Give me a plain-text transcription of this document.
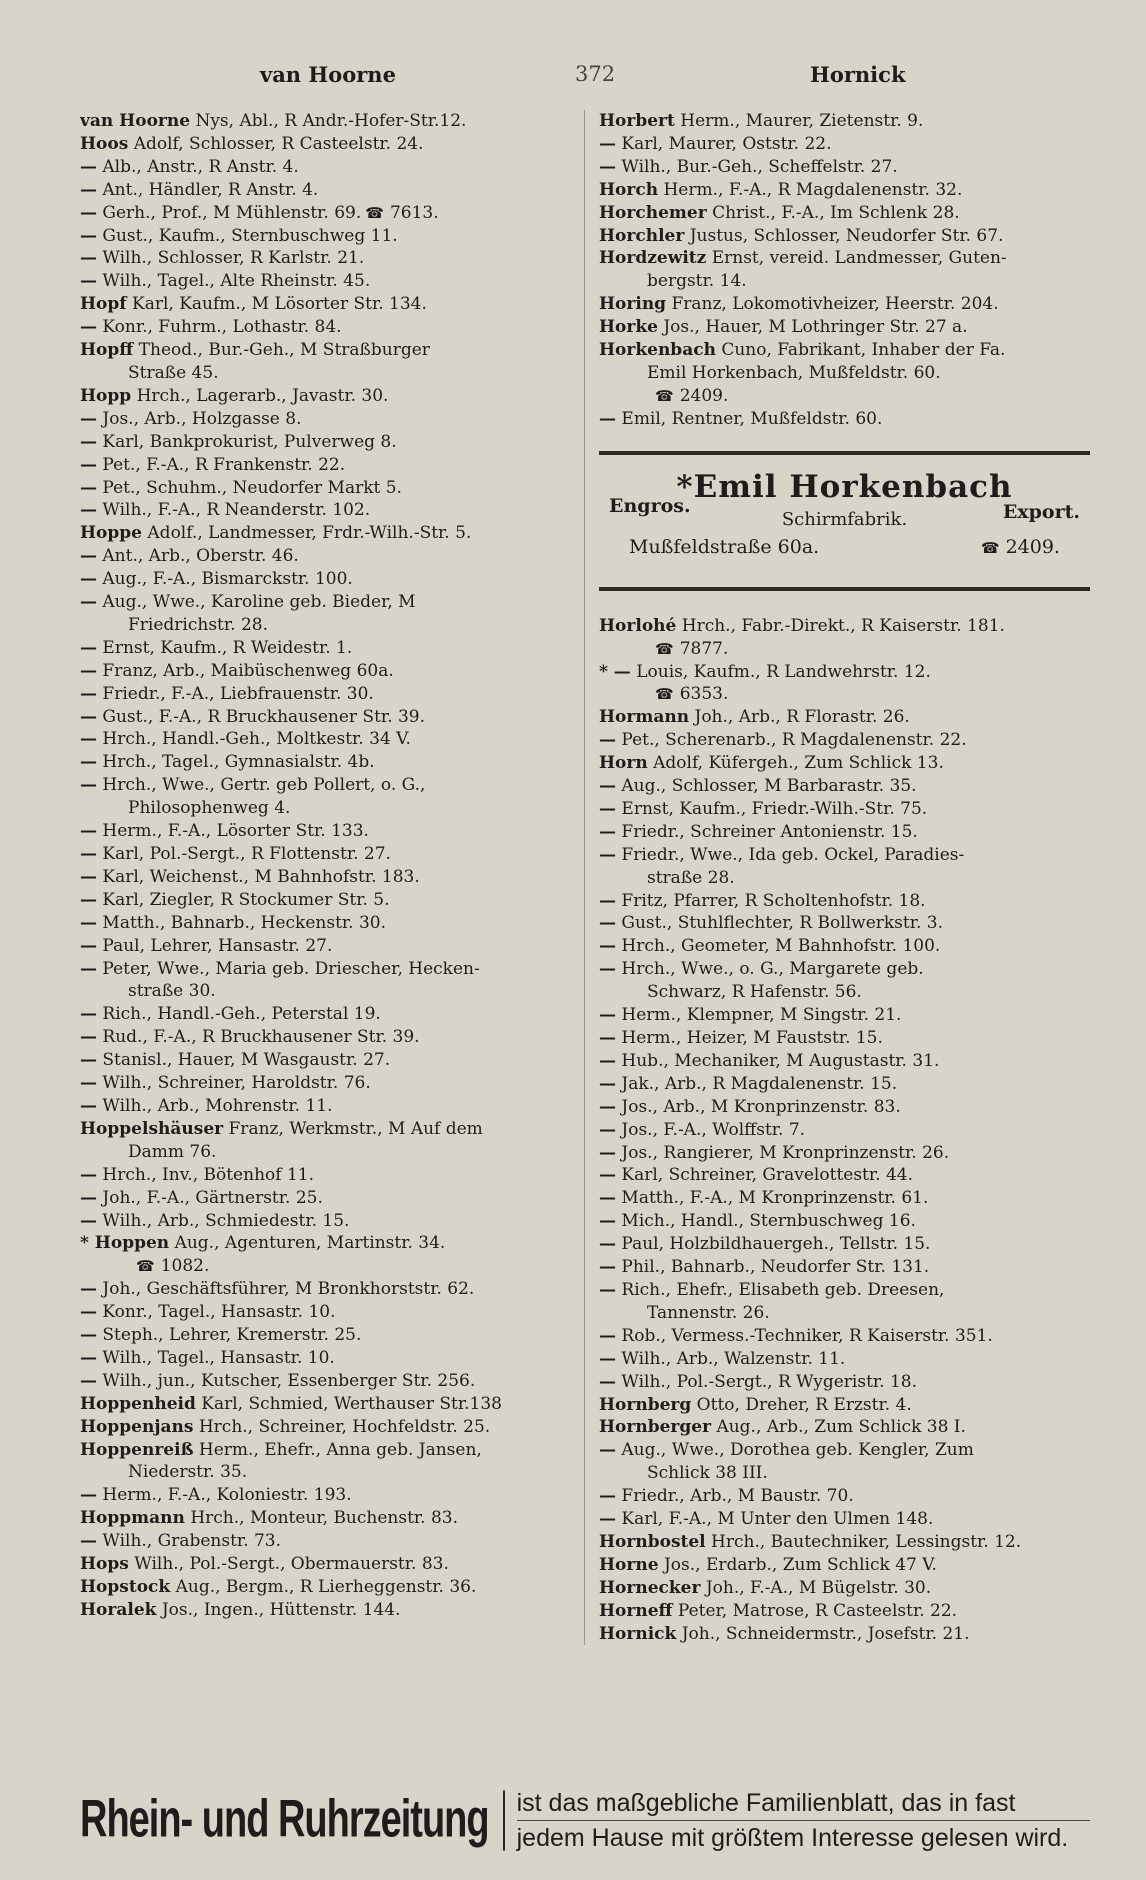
van Hoorne	372	Hornick
van Hoorne Nys, Abl., R Andr.-Hofer-Str.12.
Hoos Adolf, Schlosser, R Casteelstr. 24.
— Alb., Anstr., R Anstr. 4.
— Ant., Händler, R Anstr. 4.
— Gerh., Prof., M Mühlenstr. 69. ☎ 7613.
— Gust., Kaufm., Sternbuschweg 11.
— Wilh., Schlosser, R Karlstr. 21.
— Wilh., Tagel., Alte Rheinstr. 45.
Hopf Karl, Kaufm., M Lösorter Str. 134.
— Konr., Fuhrm., Lothastr. 84.
Hopff Theod., Bur.-Geh., M Straßburger
Straße 45.
Hopp Hrch., Lagerarb., Javastr. 30.
— Jos., Arb., Holzgasse 8.
— Karl, Bankprokurist, Pulverweg 8.
— Pet., F.-A., R Frankenstr. 22.
— Pet., Schuhm., Neudorfer Markt 5.
— Wilh., F.-A., R Neanderstr. 102.
Hoppe Adolf., Landmesser, Frdr.-Wilh.-Str. 5.
— Ant., Arb., Oberstr. 46.
— Aug., F.-A., Bismarckstr. 100.
— Aug., Wwe., Karoline geb. Bieder, M
Friedrichstr. 28.
— Ernst, Kaufm., R Weidestr. 1.
— Franz, Arb., Maibüschenweg 60a.
— Friedr., F.-A., Liebfrauenstr. 30.
— Gust., F.-A., R Bruckhausener Str. 39.
— Hrch., Handl.-Geh., Moltkestr. 34 V.
— Hrch., Tagel., Gymnasialstr. 4b.
— Hrch., Wwe., Gertr. geb Pollert, o. G.,
Philosophenweg 4.
— Herm., F.-A., Lösorter Str. 133.
— Karl, Pol.-Sergt., R Flottenstr. 27.
— Karl, Weichenst., M Bahnhofstr. 183.
— Karl, Ziegler, R Stockumer Str. 5.
— Matth., Bahnarb., Heckenstr. 30.
— Paul, Lehrer, Hansastr. 27.
— Peter, Wwe., Maria geb. Driescher, Hecken-
straße 30.
— Rich., Handl.-Geh., Peterstal 19.
— Rud., F.-A., R Bruckhausener Str. 39.
— Stanisl., Hauer, M Wasgaustr. 27.
— Wilh., Schreiner, Haroldstr. 76.
— Wilh., Arb., Mohrenstr. 11.
Hoppelshäuser Franz, Werkmstr., M Auf dem
Damm 76.
— Hrch., Inv., Bötenhof 11.
— Joh., F.-A., Gärtnerstr. 25.
— Wilh., Arb., Schmiedestr. 15.
* Hoppen Aug., Agenturen, Martinstr. 34.
☎ 1082.
— Joh., Geschäftsführer, M Bronkhorststr. 62.
— Konr., Tagel., Hansastr. 10.
— Steph., Lehrer, Kremerstr. 25.
— Wilh., Tagel., Hansastr. 10.
— Wilh., jun., Kutscher, Essenberger Str. 256.
Hoppenheid Karl, Schmied, Werthauser Str.138
Hoppenjans Hrch., Schreiner, Hochfeldstr. 25.
Hoppenreiß Herm., Ehefr., Anna geb. Jansen,
Niederstr. 35.
— Herm., F.-A., Koloniestr. 193.
Hoppmann Hrch., Monteur, Buchenstr. 83.
— Wilh., Grabenstr. 73.
Hops Wilh., Pol.-Sergt., Obermauerstr. 83.
Hopstock Aug., Bergm., R Lierheggenstr. 36.
Horalek Jos., Ingen., Hüttenstr. 144.
Horbert Herm., Maurer, Zietenstr. 9.
— Karl, Maurer, Oststr. 22.
— Wilh., Bur.-Geh., Scheffelstr. 27.
Horch Herm., F.-A., R Magdalenenstr. 32.
Horchemer Christ., F.-A., Im Schlenk 28.
Horchler Justus, Schlosser, Neudorfer Str. 67.
Hordzewitz Ernst, vereid. Landmesser, Guten-
bergstr. 14.
Horing Franz, Lokomotivheizer, Heerstr. 204.
Horke Jos., Hauer, M Lothringer Str. 27 a.
Horkenbach Cuno, Fabrikant, Inhaber der Fa.
Emil Horkenbach, Mußfeldstr. 60.
☎ 2409.
— Emil, Rentner, Mußfeldstr. 60.
*Emil Horkenbach
Engros.	Export.
Schirmfabrik.
Mußfeldstraße 60a.	☎ 2409.
Horlohé Hrch., Fabr.-Direkt., R Kaiserstr. 181.
☎ 7877.
* — Louis, Kaufm., R Landwehrstr. 12.
☎ 6353.
Hormann Joh., Arb., R Florastr. 26.
— Pet., Scherenarb., R Magdalenenstr. 22.
Horn Adolf, Küfergeh., Zum Schlick 13.
— Aug., Schlosser, M Barbarastr. 35.
— Ernst, Kaufm., Friedr.-Wilh.-Str. 75.
— Friedr., Schreiner Antonienstr. 15.
— Friedr., Wwe., Ida geb. Ockel, Paradies-
straße 28.
— Fritz, Pfarrer, R Scholtenhofstr. 18.
— Gust., Stuhlflechter, R Bollwerkstr. 3.
— Hrch., Geometer, M Bahnhofstr. 100.
— Hrch., Wwe., o. G., Margarete geb.
Schwarz, R Hafenstr. 56.
— Herm., Klempner, M Singstr. 21.
— Herm., Heizer, M Fauststr. 15.
— Hub., Mechaniker, M Augustastr. 31.
— Jak., Arb., R Magdalenenstr. 15.
— Jos., Arb., M Kronprinzenstr. 83.
— Jos., F.-A., Wolffstr. 7.
— Jos., Rangierer, M Kronprinzenstr. 26.
— Karl, Schreiner, Gravelottestr. 44.
— Matth., F.-A., M Kronprinzenstr. 61.
— Mich., Handl., Sternbuschweg 16.
— Paul, Holzbildhauergeh., Tellstr. 15.
— Phil., Bahnarb., Neudorfer Str. 131.
— Rich., Ehefr., Elisabeth geb. Dreesen,
Tannenstr. 26.
— Rob., Vermess.-Techniker, R Kaiserstr. 351.
— Wilh., Arb., Walzenstr. 11.
— Wilh., Pol.-Sergt., R Wygeristr. 18.
Hornberg Otto, Dreher, R Erzstr. 4.
Hornberger Aug., Arb., Zum Schlick 38 I.
— Aug., Wwe., Dorothea geb. Kengler, Zum
Schlick 38 III.
— Friedr., Arb., M Baustr. 70.
— Karl, F.-A., M Unter den Ulmen 148.
Hornbostel Hrch., Bautechniker, Lessingstr. 12.
Horne Jos., Erdarb., Zum Schlick 47 V.
Hornecker Joh., F.-A., M Bügelstr. 30.
Horneff Peter, Matrose, R Casteelstr. 22.
Hornick Joh., Schneidermstr., Josefstr. 21.
Rhein- und Ruhrzeitung	ist das maßgebliche Familienblatt, das in fast
jedem Hause mit größtem Interesse gelesen wird.
